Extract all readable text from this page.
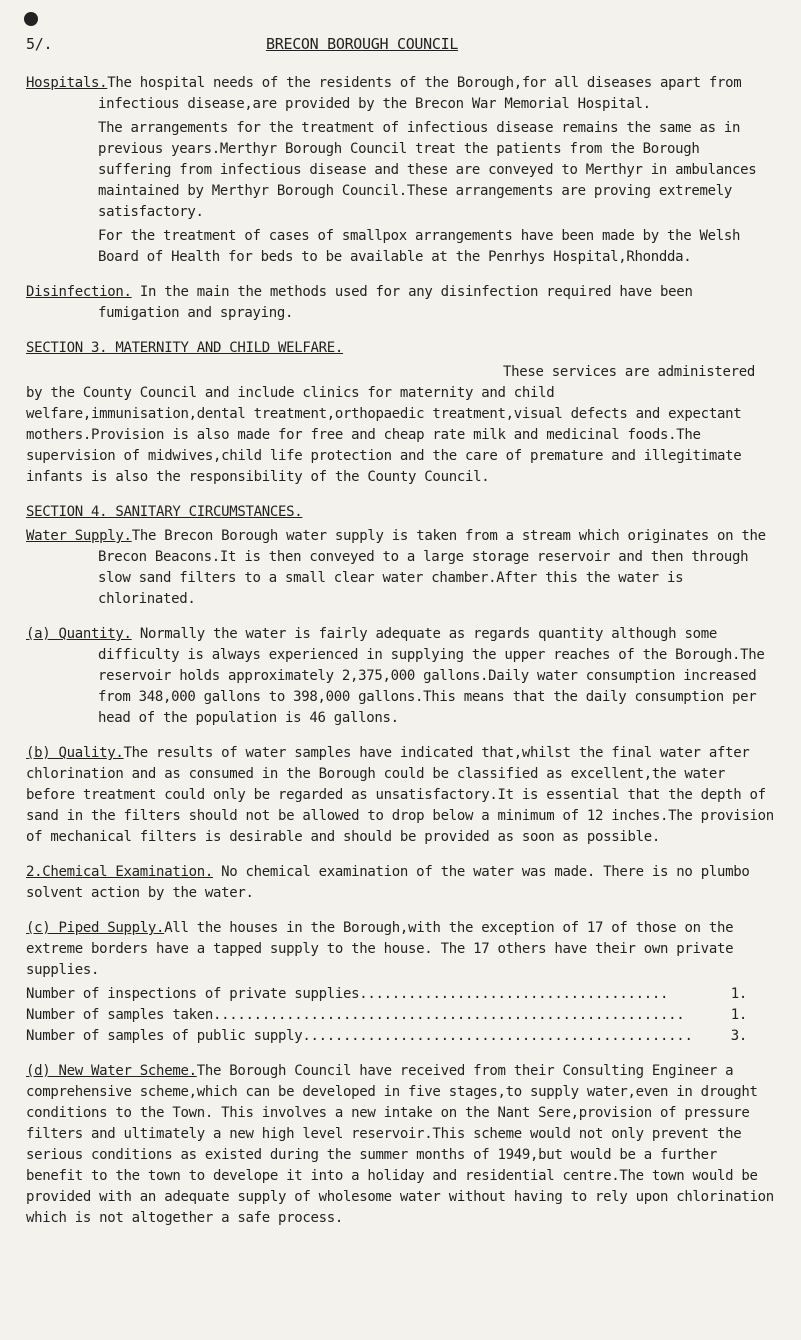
5/.	BRECON BOROUGH COUNCIL

Hospitals.The hospital needs of the residents of the Borough,for all diseases apart from infectious disease,are provided by the Brecon War Memorial Hospital.

The arrangements for the treatment of infectious disease remains the same as in previous years.Merthyr Borough Council treat the patients from the Borough suffering from infectious disease and these are conveyed to Merthyr in ambulances maintained by Merthyr Borough Council.These arrangements are proving extremely satisfactory.

For the treatment of cases of smallpox arrangements have been made by the Welsh Board of Health for beds to be available at the Penrhys Hospital,Rhondda.

Disinfection. In the main the methods used for any disinfection required have been fumigation and spraying.

SECTION 3. MATERNITY AND CHILD WELFARE.

These services are administered

by the County Council and include clinics for maternity and child welfare,immunisation,dental treatment,orthopaedic treatment,visual defects and expectant mothers.Provision is also made for free and cheap rate milk and medicinal foods.The supervision of midwives,child life protection and the care of premature and illegitimate infants is also the responsibility of the County Council.

SECTION 4. SANITARY CIRCUMSTANCES.

Water Supply.The Brecon Borough water supply is taken from a stream which originates on the Brecon Beacons.It is then conveyed to a large storage reservoir and then through slow sand filters to a small clear water chamber.After this the water is chlorinated.

(a) Quantity. Normally the water is fairly adequate as regards quantity although some difficulty is always experienced in supplying the upper reaches of the Borough.The reservoir holds approximately 2,375,000 gallons.Daily water consumption increased from 348,000 gallons to 398,000 gallons.This means that the daily consumption per head of the population is 46 gallons.

(b) Quality.The results of water samples have indicated that,whilst the final water after chlorination and as consumed in the Borough could be classified as excellent,the water before treatment could only be regarded as unsatisfactory.It is essential that the depth of sand in the filters should not be allowed to drop below a minimum of 12 inches.The provision of mechanical filters is desirable and should be provided as soon as possible.

2.Chemical Examination. No chemical examination of the water was made. There is no plumbo solvent action by the water.

(c) Piped Supply.All the houses in the Borough,with the exception of 17 of those on the extreme borders have a tapped supply to the house. The 17 others have their own private supplies.

Number of inspections of private supplies ......................................	1.
Number of samples taken ..........................................................	1.
Number of samples of public supply ................................................	3.

(d) New Water Scheme.The Borough Council have received from their Consulting Engineer a comprehensive scheme,which can be developed in five stages,to supply water,even in drought conditions to the Town. This involves a new intake on the Nant Sere,provision of pressure filters and ultimately a new high level reservoir.This scheme would not only prevent the serious conditions as existed during the summer months of 1949,but would be a further benefit to the town to develope it into a holiday and residential centre.The town would be provided with an adequate supply of wholesome water without having to rely upon chlorination which is not altogether a safe process.
